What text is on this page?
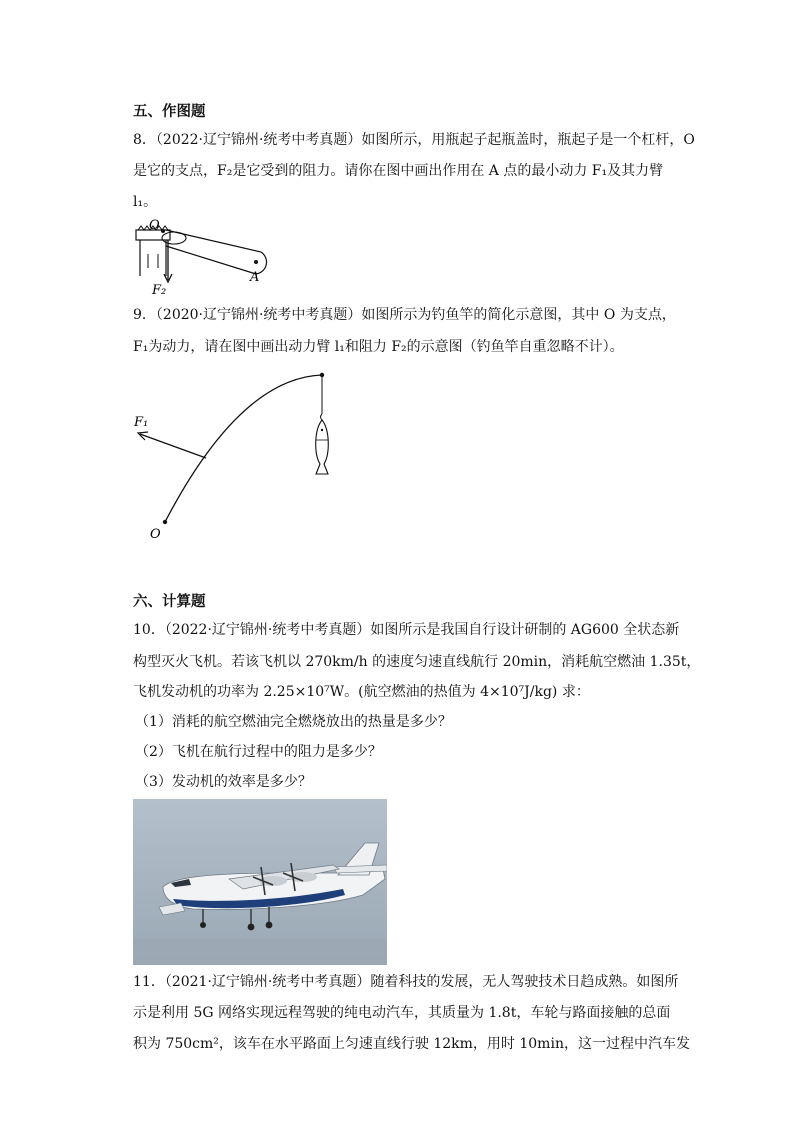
五、作图题
8．（2022·辽宁锦州·统考中考真题）如图所示，用瓶起子起瓶盖时，瓶起子是一个杠杆，O
是它的支点，F₂是它受到的阻力。请你在图中画出作用在 A 点的最小动力 F₁及其力臂
l₁。
O
A
F₂
9．（2020·辽宁锦州·统考中考真题）如图所示为钓鱼竿的简化示意图，其中 O 为支点，
F₁为动力，请在图中画出动力臂 l₁和阻力 F₂的示意图（钓鱼竿自重忽略不计）。
O
F₁
六、计算题
10．（2022·辽宁锦州·统考中考真题）如图所示是我国自行设计研制的 AG600 全状态新
构型灭火飞机。若该飞机以 270km/h 的速度匀速直线航行 20min，消耗航空燃油 1.35t，
飞机发动机的功率为 2.25×10⁷W。(航空燃油的热值为 4×10⁷J/kg) 求：
（1）消耗的航空燃油完全燃烧放出的热量是多少？
（2）飞机在航行过程中的阻力是多少？
（3）发动机的效率是多少？
11．（2021·辽宁锦州·统考中考真题）随着科技的发展，无人驾驶技术日趋成熟。如图所
示是利用 5G 网络实现远程驾驶的纯电动汽车，其质量为 1.8t，车轮与路面接触的总面
积为 750cm²，该车在水平路面上匀速直线行驶 12km，用时 10min，这一过程中汽车发
